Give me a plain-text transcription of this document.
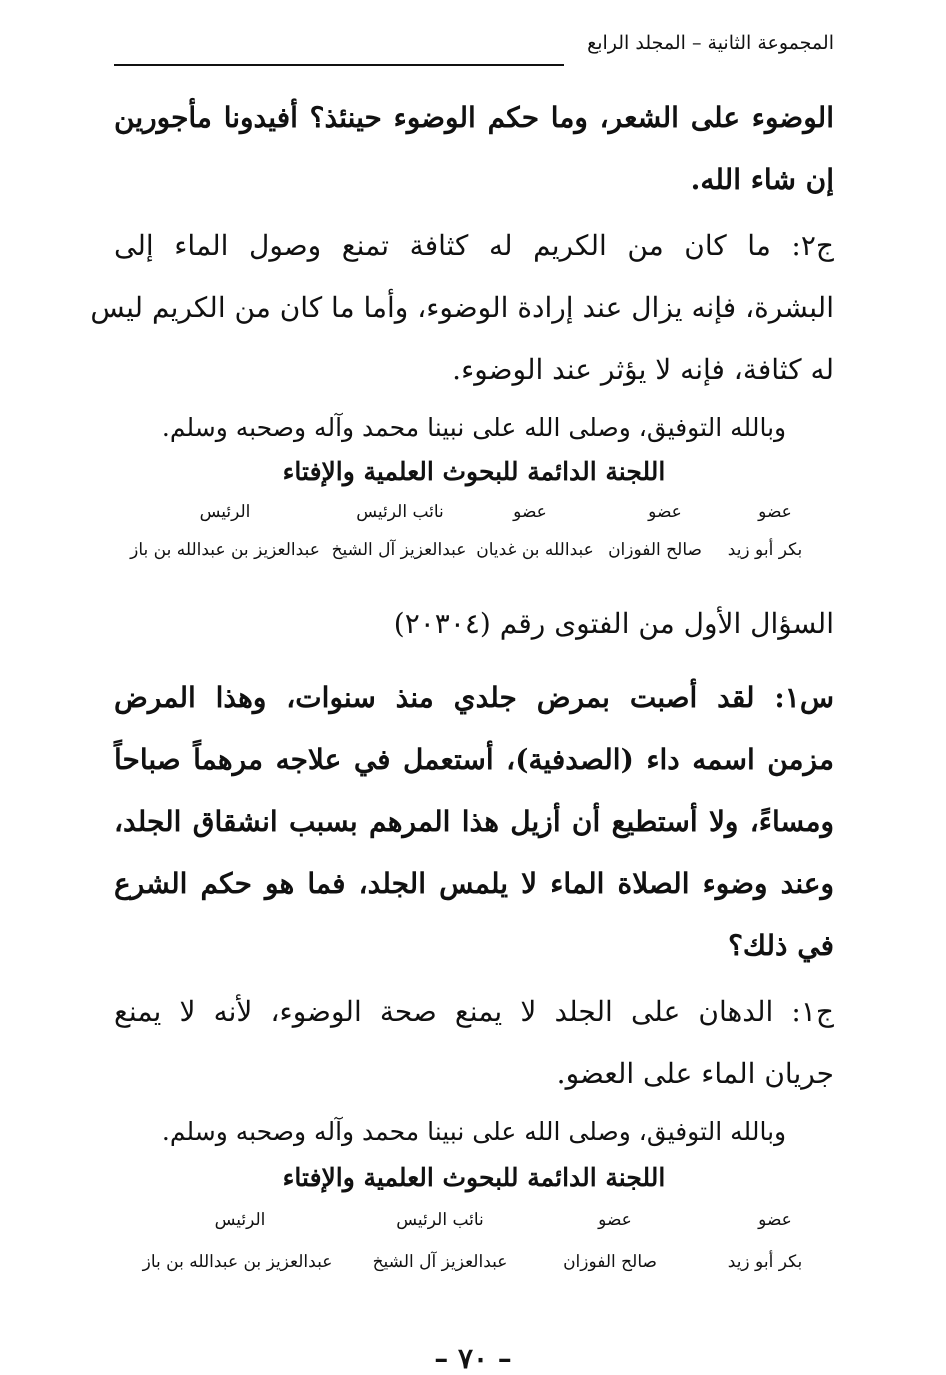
المجموعة الثانية – المجلد الرابع
الوضوء على الشعر، وما حكم الوضوء حينئذ؟ أفيدونا مأجورين
إن شاء الله.
ج٢: ما كان من الكريم له كثافة تمنع وصول الماء إلى
البشرة، فإنه يزال عند إرادة الوضوء، وأما ما كان من الكريم ليس
له كثافة، فإنه لا يؤثر عند الوضوء.
وبالله التوفيق، وصلى الله على نبينا محمد وآله وصحبه وسلم.
اللجنة الدائمة للبحوث العلمية والإفتاء
عضو
عضو
عضو
نائب الرئيس
الرئيس
بكر أبو زيد
صالح الفوزان
عبدالله بن غديان
عبدالعزيز آل الشيخ
عبدالعزيز بن عبدالله بن باز
السؤال الأول من الفتوى رقم (٢٠٣٠٤)
س١: لقد أصبت بمرض جلدي منذ سنوات، وهذا المرض
مزمن اسمه داء (الصدفية)، أستعمل في علاجه مرهماً صباحاً
ومساءً، ولا أستطيع أن أزيل هذا المرهم بسبب انشقاق الجلد،
وعند وضوء الصلاة الماء لا يلمس الجلد، فما هو حكم الشرع
في ذلك؟
ج١: الدهان على الجلد لا يمنع صحة الوضوء، لأنه لا يمنع
جريان الماء على العضو.
وبالله التوفيق، وصلى الله على نبينا محمد وآله وصحبه وسلم.
اللجنة الدائمة للبحوث العلمية والإفتاء
عضو
عضو
نائب الرئيس
الرئيس
بكر أبو زيد
صالح الفوزان
عبدالعزيز آل الشيخ
عبدالعزيز بن عبدالله بن باز
– ٧٠ –
